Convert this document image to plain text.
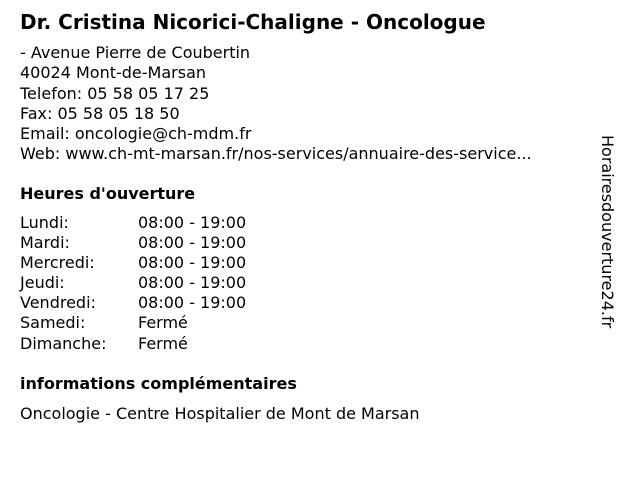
Dr. Cristina Nicorici-Chaligne - Oncologue
- Avenue Pierre de Coubertin
40024 Mont-de-Marsan
Telefon: 05 58 05 17 25
Fax: 05 58 05 18 50
Email: oncologie@ch-mdm.fr
Web: www.ch-mt-marsan.fr/nos-services/annuaire-des-service...
Heures d'ouverture
Lundi:	08:00 - 19:00
Mardi:	08:00 - 19:00
Mercredi:	08:00 - 19:00
Jeudi:	08:00 - 19:00
Vendredi:	08:00 - 19:00
Samedi:	Fermé
Dimanche:	Fermé
informations complémentaires
Oncologie - Centre Hospitalier de Mont de Marsan
Horairesdouverture24.fr
